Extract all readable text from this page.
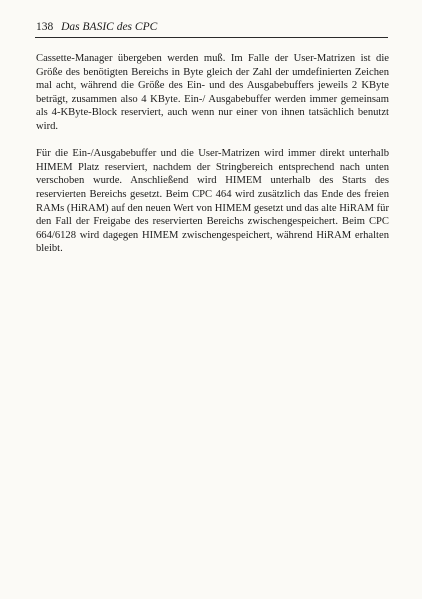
138 Das BASIC des CPC

Cassette-Manager übergeben werden muß. Im Falle der User-Matrizen ist die Größe des benötigten Bereichs in Byte gleich der Zahl der umdefinierten Zeichen mal acht, während die Größe des Ein- und des Ausgabebuffers jeweils 2 KByte beträgt, zusammen also 4 KByte. Ein-/ Ausgabebuffer werden immer gemeinsam als 4-KByte-Block reserviert, auch wenn nur einer von ihnen tatsächlich benutzt wird.

Für die Ein-/Ausgabebuffer und die User-Matrizen wird immer direkt unterhalb HIMEM Platz reserviert, nachdem der Stringbereich entsprechend nach unten verschoben wurde. Anschließend wird HIMEM unterhalb des Starts des reservierten Bereichs gesetzt. Beim CPC 464 wird zusätzlich das Ende des freien RAMs (HiRAM) auf den neuen Wert von HIMEM gesetzt und das alte HiRAM für den Fall der Freigabe des reservierten Bereichs zwischengespeichert. Beim CPC 664/6128 wird dagegen HIMEM zwischengespeichert, während HiRAM erhalten bleibt.
